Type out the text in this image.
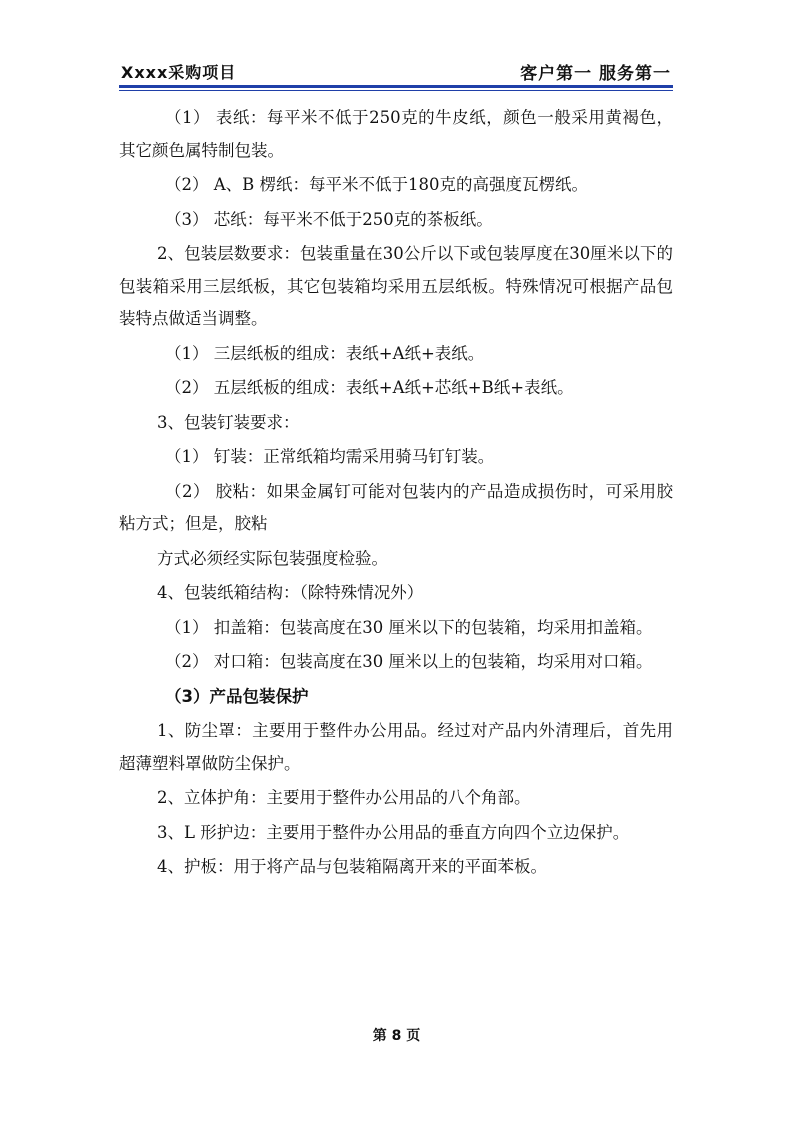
Xxxx采购项目	客户第一 服务第一

（1） 表纸：每平米不低于250克的牛皮纸，颜色一般采用黄褐色，其它颜色属特制包装。

（2） A、B 楞纸：每平米不低于180克的高强度瓦楞纸。

（3） 芯纸：每平米不低于250克的茶板纸。

2、包装层数要求：包装重量在30公斤以下或包装厚度在30厘米以下的包装箱采用三层纸板，其它包装箱均采用五层纸板。特殊情况可根据产品包装特点做适当调整。

（1） 三层纸板的组成：表纸+A纸+表纸。

（2） 五层纸板的组成：表纸+A纸+芯纸+B纸+表纸。

3、包装钉装要求：

（1） 钉装：正常纸箱均需采用骑马钉钉装。

（2） 胶粘：如果金属钉可能对包装内的产品造成损伤时，可采用胶粘方式；但是，胶粘

方式必须经实际包装强度检验。

4、包装纸箱结构：（除特殊情况外）

（1） 扣盖箱：包装高度在30 厘米以下的包装箱，均采用扣盖箱。

（2） 对口箱：包装高度在30 厘米以上的包装箱，均采用对口箱。

（3）产品包装保护

1、防尘罩：主要用于整件办公用品。经过对产品内外清理后，首先用超薄塑料罩做防尘保护。

2、立体护角：主要用于整件办公用品的八个角部。

3、L 形护边：主要用于整件办公用品的垂直方向四个立边保护。

4、护板：用于将产品与包装箱隔离开来的平面苯板。

第 8 页
